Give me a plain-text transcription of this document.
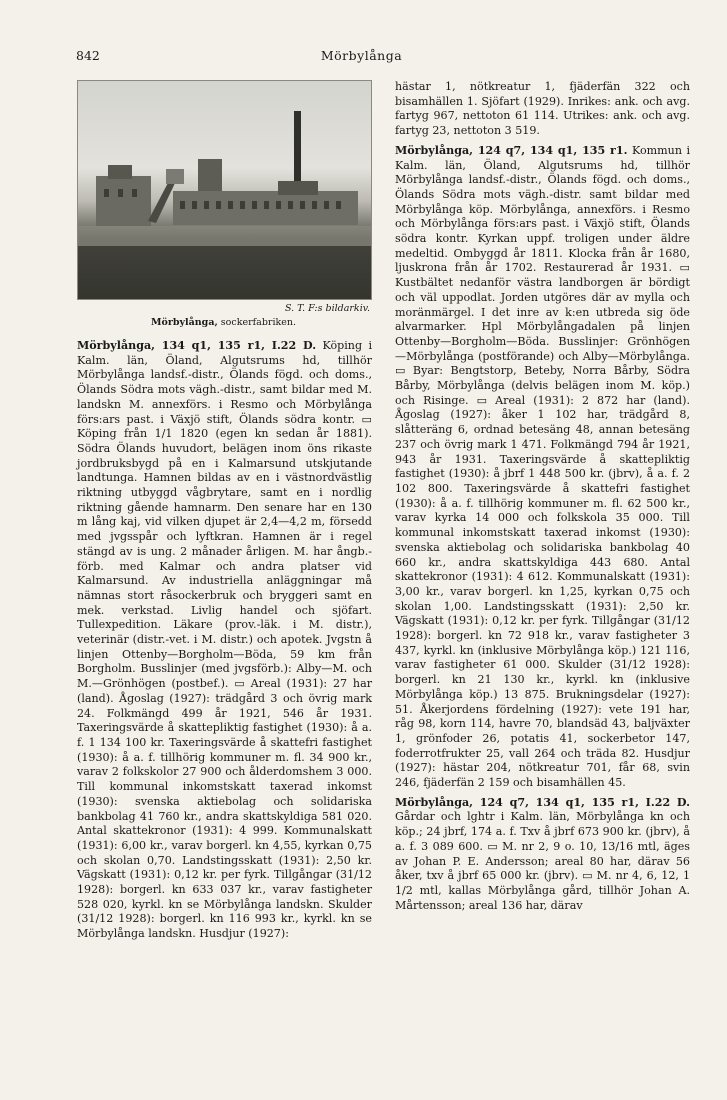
842	Mörbylånga
S. T. F:s bildarkiv.
Mörbylånga, sockerfabriken.

Mörbylånga, 134 q1, 135 r1, I.22 D. Köping i Kalm. län, Öland, Algutsrums hd, tillhör Mörbylånga landsf.-distr., Ölands fögd. och doms., Ölands Södra mots vägh.-distr., samt bildar med M. landskn M. annexförs. i Resmo och Mörbylånga förs:ars past. i Växjö stift, Ölands södra kontr. ▭ Köping från 1/1 1820 (egen kn sedan år 1881). Södra Ölands huvudort, belägen inom öns rikaste jordbruksbygd på en i Kalmarsund utskjutande landtunga. Hamnen bildas av en i västnordvästlig riktning utbyggd vågbrytare, samt en i nordlig riktning gående hamnarm. Den senare har en 130 m lång kaj, vid vilken djupet är 2,4—4,2 m, försedd med jvgsspår och lyftkran. Hamnen är i regel stängd av is ung. 2 månader årligen. M. har ångb.-förb. med Kalmar och andra platser vid Kalmarsund. Av industriella anläggningar må nämnas stort råsockerbruk och bryggeri samt en mek. verkstad. Livlig handel och sjöfart. Tullexpedition. Läkare (prov.-läk. i M. distr.), veterinär (distr.-vet. i M. distr.) och apotek. Jvgstn å linjen Ottenby—Borgholm—Böda, 59 km från Borgholm. Busslinjer (med jvgsförb.): Alby—M. och M.—Grönhögen (postbef.). ▭ Areal (1931): 27 har (land). Ågoslag (1927): trädgård 3 och övrig mark 24. Folkmängd 499 år 1921, 546 år 1931. Taxeringsvärde å skattepliktig fastighet (1930): å a. f. 1 134 100 kr. Taxeringsvärde å skattefri fastighet (1930): å a. f. tillhörig kommuner m. fl. 34 900 kr., varav 2 folkskolor 27 900 och ålderdomshem 3 000. Till kommunal inkomstskatt taxerad inkomst (1930): svenska aktiebolag och solidariska bankbolag 41 760 kr., andra skattskyldiga 581 020. Antal skattekronor (1931): 4 999. Kommunalskatt (1931): 6,00 kr., varav borgerl. kn 4,55, kyrkan 0,75 och skolan 0,70. Landstingsskatt (1931): 2,50 kr. Vägskatt (1931): 0,12 kr. per fyrk. Tillgångar (31/12 1928): borgerl. kn 633 037 kr., varav fastigheter 528 020, kyrkl. kn se Mörbylånga landskn. Skulder (31/12 1928): borgerl. kn 116 993 kr., kyrkl. kn se Mörbylånga landskn. Husdjur (1927):

hästar 1, nötkreatur 1, fjäderfän 322 och bisamhällen 1. Sjöfart (1929). Inrikes: ank. och avg. fartyg 967, nettoton 61 114. Utrikes: ank. och avg. fartyg 23, nettoton 3 519.

Mörbylånga, 124 q7, 134 q1, 135 r1. Kommun i Kalm. län, Öland, Algutsrums hd, tillhör Mörbylånga landsf.-distr., Ölands fögd. och doms., Ölands Södra mots vägh.-distr. samt bildar med Mörbylånga köp. Mörbylånga, annexförs. i Resmo och Mörbylånga förs:ars past. i Växjö stift, Ölands södra kontr. Kyrkan uppf. troligen under äldre medeltid. Ombyggd år 1811. Klocka från år 1680, ljuskrona från år 1702. Restaurerad år 1931. ▭ Kustbältet nedanför västra landborgen är bördigt och väl uppodlat. Jorden utgöres där av mylla och moränmärgel. I det inre av k:en utbreda sig öde alvarmarker. Hpl Mörbylångadalen på linjen Ottenby—Borgholm—Böda. Busslinjer: Grönhögen—Mörbylånga (postförande) och Alby—Mörbylånga. ▭ Byar: Bengtstorp, Beteby, Norra Bårby, Södra Bårby, Mörbylånga (delvis belägen inom M. köp.) och Risinge. ▭ Areal (1931): 2 872 har (land). Ågoslag (1927): åker 1 102 har, trädgård 8, slåtteräng 6, ordnad betesäng 48, annan betesäng 237 och övrig mark 1 471. Folkmängd 794 år 1921, 943 år 1931. Taxeringsvärde å skattepliktig fastighet (1930): å jbrf 1 448 500 kr. (jbrv), å a. f. 2 102 800. Taxeringsvärde å skattefri fastighet (1930): å a. f. tillhörig kommuner m. fl. 62 500 kr., varav kyrka 14 000 och folkskola 35 000. Till kommunal inkomstskatt taxerad inkomst (1930): svenska aktiebolag och solidariska bankbolag 40 660 kr., andra skattskyldiga 443 680. Antal skattekronor (1931): 4 612. Kommunalskatt (1931): 3,00 kr., varav borgerl. kn 1,25, kyrkan 0,75 och skolan 1,00. Landstingsskatt (1931): 2,50 kr. Vägskatt (1931): 0,12 kr. per fyrk. Tillgångar (31/12 1928): borgerl. kn 72 918 kr., varav fastigheter 3 437, kyrkl. kn (inklusive Mörbylånga köp.) 121 116, varav fastigheter 61 000. Skulder (31/12 1928): borgerl. kn 21 130 kr., kyrkl. kn (inklusive Mörbylånga köp.) 13 875. Brukningsdelar (1927): 51. Åkerjordens fördelning (1927): vete 191 har, råg 98, korn 114, havre 70, blandsäd 43, baljväxter 1, grönfoder 26, potatis 41, sockerbetor 147, foderrotfrukter 25, vall 264 och träda 82. Husdjur (1927): hästar 204, nötkreatur 701, får 68, svin 246, fjäderfän 2 159 och bisamhällen 45.

Mörbylånga, 124 q7, 134 q1, 135 r1, I.22 D. Gårdar och lghtr i Kalm. län, Mörbylånga kn och köp.; 24 jbrf, 174 a. f. Txv å jbrf 673 900 kr. (jbrv), å a. f. 3 089 600. ▭ M. nr 2, 9 o. 10, 13/16 mtl, äges av Johan P. E. Andersson; areal 80 har, därav 56 åker, txv å jbrf 65 000 kr. (jbrv). ▭ M. nr 4, 6, 12, 1 1/2 mtl, kallas Mörbylånga gård, tillhör Johan A. Mårtensson; areal 136 har, därav
